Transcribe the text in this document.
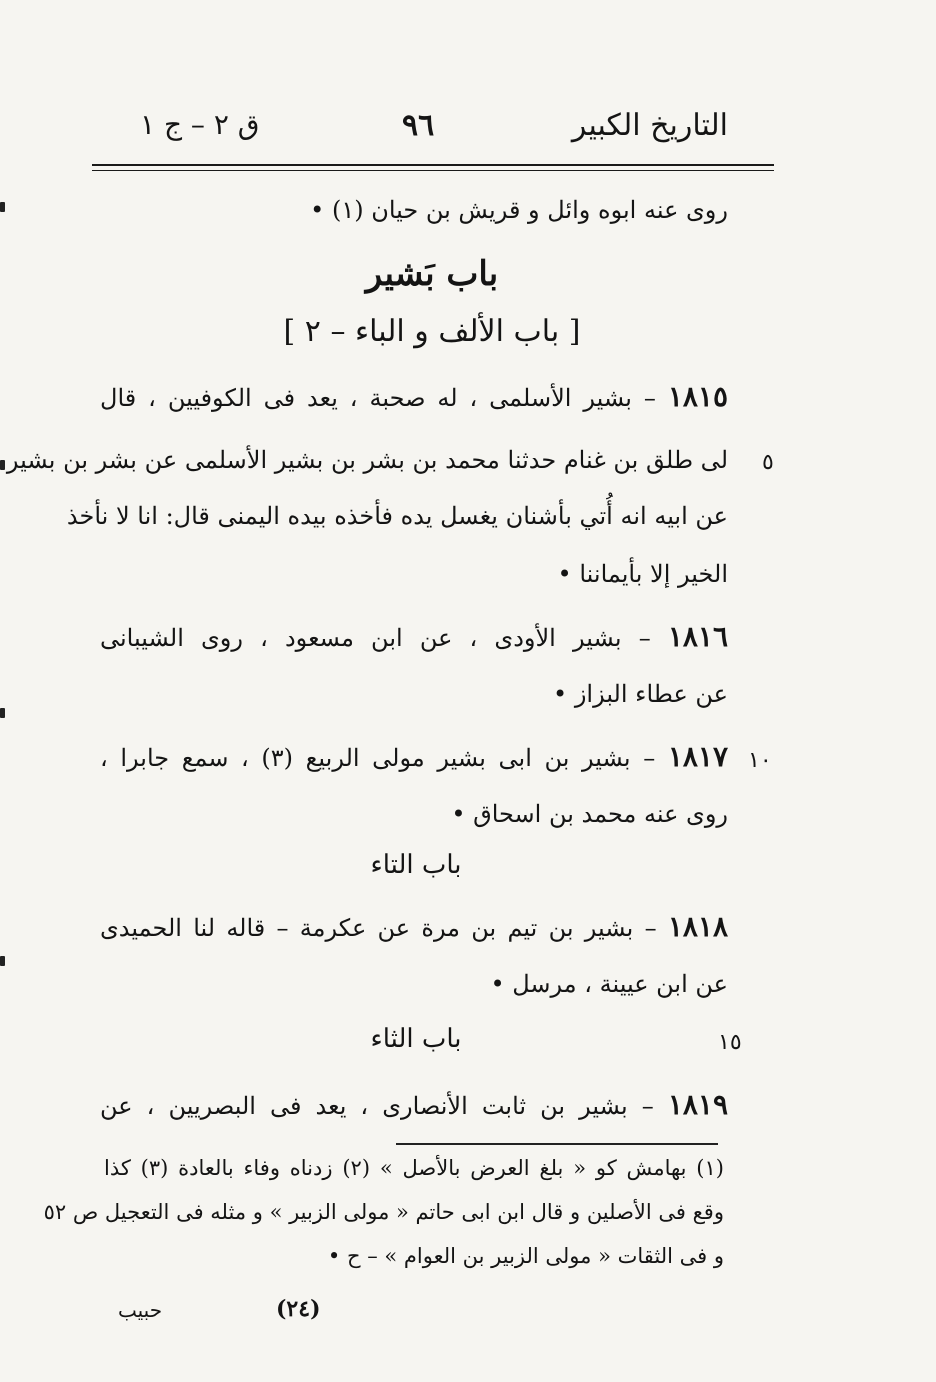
التاريخ الكبير
٩٦
ق ٢ – ج ١
روى عنه ابوه وائل و قريش بن حيان (١) •
باب بَشير
[ باب الألف و الباء – ٢ ]
١٨١٥ – بشير الأسلمى ، له صحبة ، يعد فى الكوفيين ، قال
لى طلق بن غنام حدثنا محمد بن بشر بن بشير الأسلمى عن بشر بن بشير ٥
عن ابيه انه أُتي بأشنان يغسل يده فأخذه بيده اليمنى قال: انا لا نأخذ
الخير إلا بأيماننا •
١٨١٦ – بشير الأودى ، عن ابن مسعود ، روى الشيبانى
عن عطاء البزاز •
١٨١٧ – بشير بن ابى بشير مولى الربيع (٣) ، سمع جابرا ،	١٠
روى عنه محمد بن اسحاق •
باب التاء
١٨١٨ – بشير بن تيم بن مرة عن عكرمة – قاله لنا الحميدى
عن ابن عيينة ، مرسل •
باب الثاء	١٥
١٨١٩ – بشير بن ثابت الأنصارى ، يعد فى البصريين ، عن
(١) بهامش كو « بلغ العرض بالأصل » (٢) زدناه وفاء بالعادة (٣) كذا
وقع فى الأصلين و قال ابن ابى حاتم « مولى الزبير » و مثله فى التعجيل ص ٥٢
و فى الثقات « مولى الزبير بن العوام » – ح •
(٢٤)
حبيب
